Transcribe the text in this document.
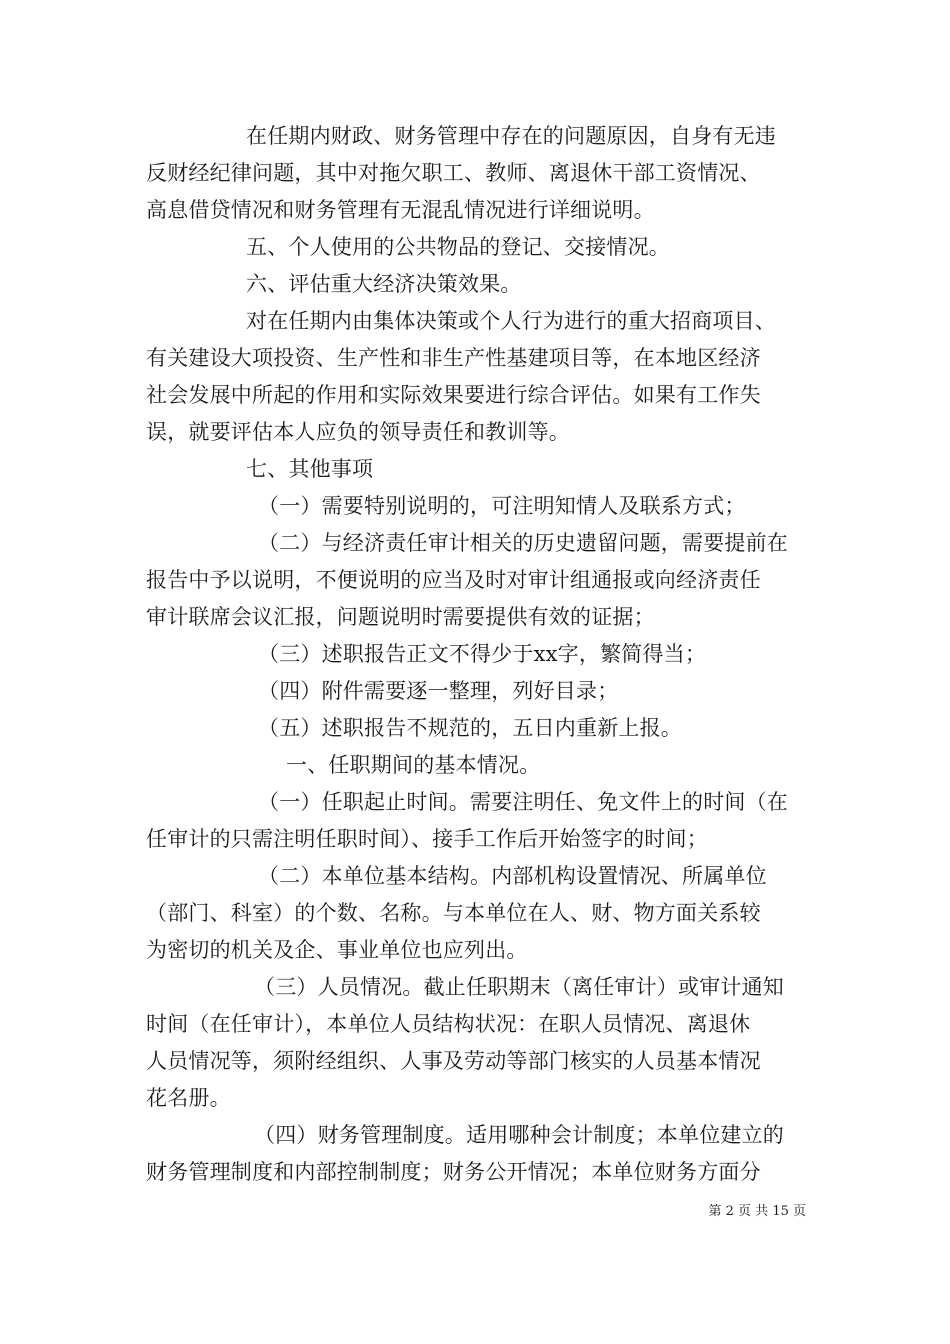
在任期内财政、财务管理中存在的问题原因，自身有无违
反财经纪律问题，其中对拖欠职工、教师、离退休干部工资情况、
高息借贷情况和财务管理有无混乱情况进行详细说明。
五、个人使用的公共物品的登记、交接情况。
六、评估重大经济决策效果。
对在任期内由集体决策或个人行为进行的重大招商项目、
有关建设大项投资、生产性和非生产性基建项目等，在本地区经济
社会发展中所起的作用和实际效果要进行综合评估。如果有工作失
误，就要评估本人应负的领导责任和教训等。
七、其他事项
（一）需要特别说明的，可注明知情人及联系方式；
（二）与经济责任审计相关的历史遗留问题，需要提前在
报告中予以说明，不便说明的应当及时对审计组通报或向经济责任
审计联席会议汇报，问题说明时需要提供有效的证据；
（三）述职报告正文不得少于xx字，繁简得当；
（四）附件需要逐一整理，列好目录；
（五）述职报告不规范的，五日内重新上报。
一、任职期间的基本情况。
（一）任职起止时间。需要注明任、免文件上的时间（在
任审计的只需注明任职时间）、接手工作后开始签字的时间；
（二）本单位基本结构。内部机构设置情况、所属单位
（部门、科室）的个数、名称。与本单位在人、财、物方面关系较
为密切的机关及企、事业单位也应列出。
（三）人员情况。截止任职期末（离任审计）或审计通知
时间（在任审计），本单位人员结构状况：在职人员情况、离退休
人员情况等，须附经组织、人事及劳动等部门核实的人员基本情况
花名册。
（四）财务管理制度。适用哪种会计制度；本单位建立的
财务管理制度和内部控制制度；财务公开情况；本单位财务方面分
第 2 页 共 15 页
